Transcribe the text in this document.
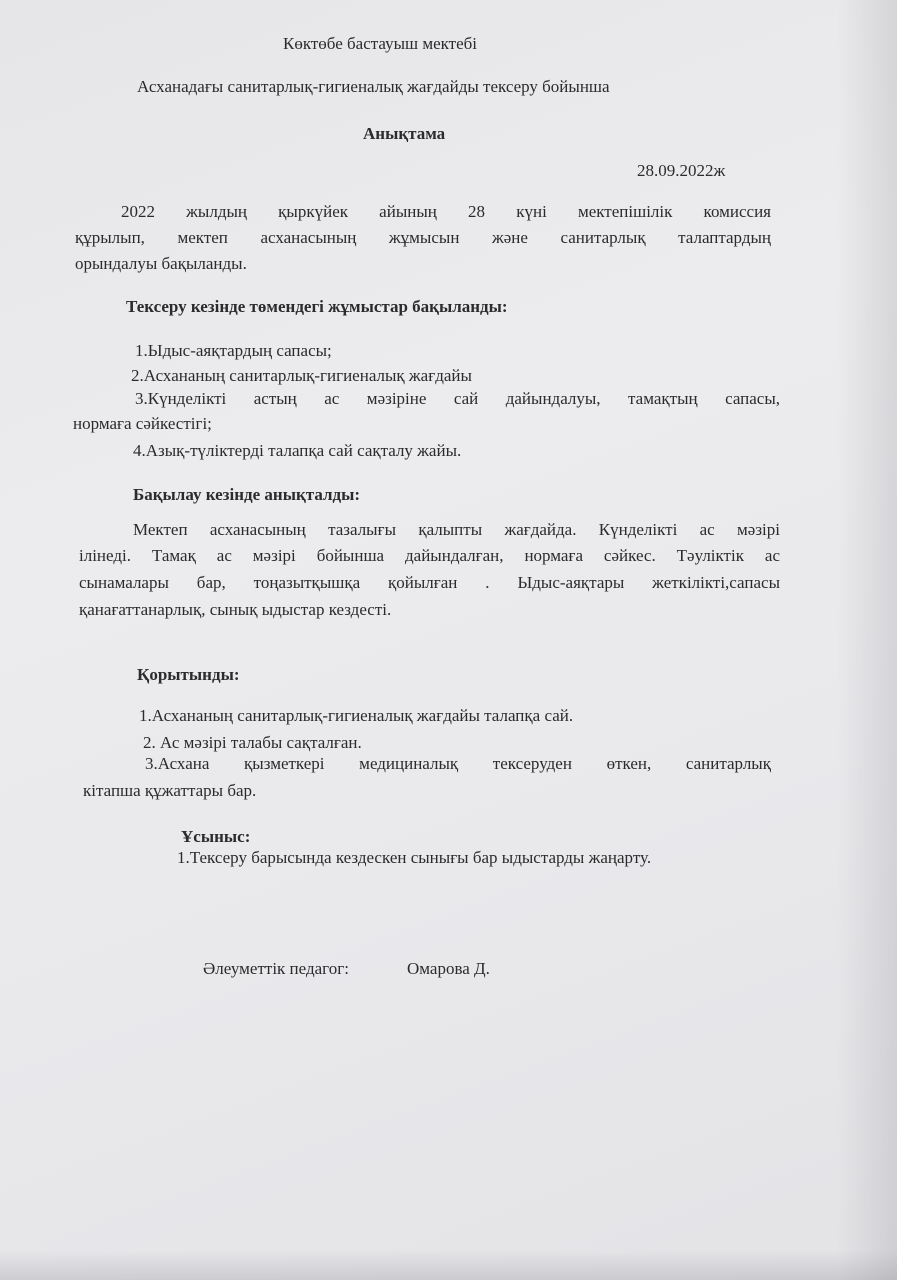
Көктөбе бастауыш мектебі
Асханадағы санитарлық-гигиеналық жағдайды тексеру бойынша
Анықтама
28.09.2022ж
2022 жылдың қыркүйек айының 28 күні мектепішілік комиссия
құрылып, мектеп асханасының жұмысын және санитарлық талаптардың
орындалуы бақыланды.
Тексеру кезінде төмендегі жұмыстар бақыланды:
1.Ыдыс-аяқтардың сапасы;
2.Асхананың санитарлық-гигиеналық жағдайы
3.Күнделікті астың ас мәзіріне сай дайындалуы, тамақтың сапасы,
нормаға сәйкестігі;
4.Азық-түліктерді талапқа сай сақталу жайы.
Бақылау кезінде анықталды:
Мектеп асханасының тазалығы қалыпты жағдайда. Күнделікті ас мәзірі
ілінеді. Тамақ ас мәзірі бойынша дайындалған, нормаға сәйкес. Тәуліктік ас
сынамалары бар, тоңазытқышқа қойылған . Ыдыс-аяқтары жеткілікті,сапасы
қанағаттанарлық, сынық ыдыстар кездесті.
Қорытынды:
1.Асхананың санитарлық-гигиеналық жағдайы талапқа сай.
2. Ас мәзірі талабы сақталған.
3.Асхана қызметкері медициналық тексеруден өткен, санитарлық
кітапша құжаттары бар.
Ұсыныс:
1.Тексеру барысында кездескен сынығы бар ыдыстарды жаңарту.
Әлеуметтік педагог:	Омарова Д.
